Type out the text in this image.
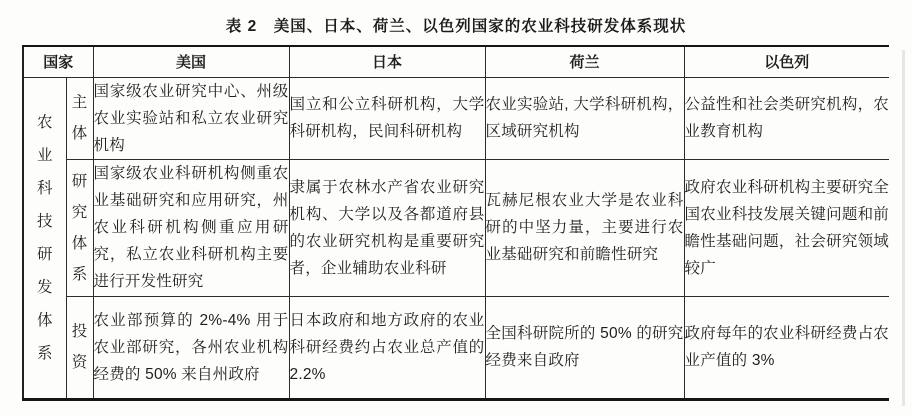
表 2　美国、日本、荷兰、以色列国家的农业科技研发体系现状
国家		美国	日本	荷兰	以色列

农业科技研发体系	主体	国家级农业研究中心、州级农业实验站和私立农业研究机构	国立和公立科研机构，大学科研机构，民间科研机构	农业实验站, 大学科研机构，区域研究机构	公益性和社会类研究机构，农业教育机构

	研究体系	国家级农业科研机构侧重农业基础研究和应用研究，州农业科研机构侧重应用研究，私立农业科研机构主要进行开发性研究	隶属于农林水产省农业研究机构、大学以及各都道府县的农业研究机构是重要研究者，企业辅助农业科研	瓦赫尼根农业大学是农业科研的中坚力量，主要进行农业基础研究和前瞻性研究	政府农业科研机构主要研究全国农业科技发展关键问题和前瞻性基础问题，社会研究领域较广

	投资	农业部预算的 2%-4% 用于农业部研究，各州农业机构经费的 50% 来自州政府	日本政府和地方政府的农业科研经费约占农业总产值的2.2%	全国科研院所的 50% 的研究经费来自政府	政府每年的农业科研经费占农业产值的 3%
